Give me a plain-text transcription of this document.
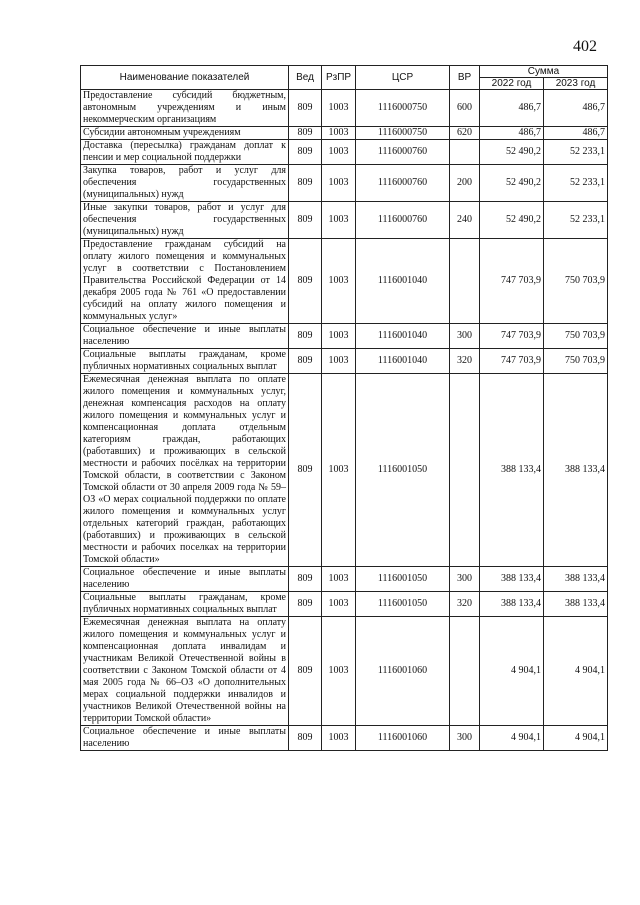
402
Наименование показателей	Вед	РзПР	ЦСР	ВР	Сумма	
					2022 год	2023 год
Предоставление субсидий бюджетным, автономным учреждениям и иным некоммерческим организациям	809	1003	1116000750	600	486,7	486,7
Субсидии автономным учреждениям	809	1003	1116000750	620	486,7	486,7
Доставка (пересылка) гражданам доплат к пенсии и мер социальной поддержки	809	1003	1116000760		52 490,2	52 233,1
Закупка товаров, работ и услуг для обеспечения государственных (муниципальных) нужд	809	1003	1116000760	200	52 490,2	52 233,1
Иные закупки товаров, работ и услуг для обеспечения государственных (муниципальных) нужд	809	1003	1116000760	240	52 490,2	52 233,1
Предоставление гражданам субсидий на оплату жилого помещения и коммунальных услуг в соответствии с Постановлением Правительства Российской Федерации от 14 декабря 2005 года № 761 «О предоставлении субсидий на оплату жилого помещения и коммунальных услуг»	809	1003	1116001040		747 703,9	750 703,9
Социальное обеспечение и иные выплаты населению	809	1003	1116001040	300	747 703,9	750 703,9
Социальные выплаты гражданам, кроме публичных нормативных социальных выплат	809	1003	1116001040	320	747 703,9	750 703,9
Ежемесячная денежная выплата по оплате жилого помещения и коммунальных услуг, денежная компенсация расходов на оплату жилого помещения и коммунальных услуг и компенсационная доплата отдельным категориям граждан, работающих (работавших) и проживающих в сельской местности и рабочих посёлках на территории Томской области, в соответствии с Законом Томской области от 30 апреля 2009 года № 59–ОЗ «О мерах социальной поддержки по оплате жилого помещения и коммунальных услуг отдельных категорий граждан, работающих (работавших) и проживающих в сельской местности и рабочих поселках на территории Томской области»	809	1003	1116001050		388 133,4	388 133,4
Социальное обеспечение и иные выплаты населению	809	1003	1116001050	300	388 133,4	388 133,4
Социальные выплаты гражданам, кроме публичных нормативных социальных выплат	809	1003	1116001050	320	388 133,4	388 133,4
Ежемесячная денежная выплата на оплату жилого помещения и коммунальных услуг и компенсационная доплата инвалидам и участникам Великой Отечественной войны в соответствии с Законом Томской области от 4 мая 2005 года № 66–ОЗ «О дополнительных мерах социальной поддержки инвалидов и участников Великой Отечественной войны на территории Томской области»	809	1003	1116001060		4 904,1	4 904,1
Социальное обеспечение и иные выплаты населению	809	1003	1116001060	300	4 904,1	4 904,1
